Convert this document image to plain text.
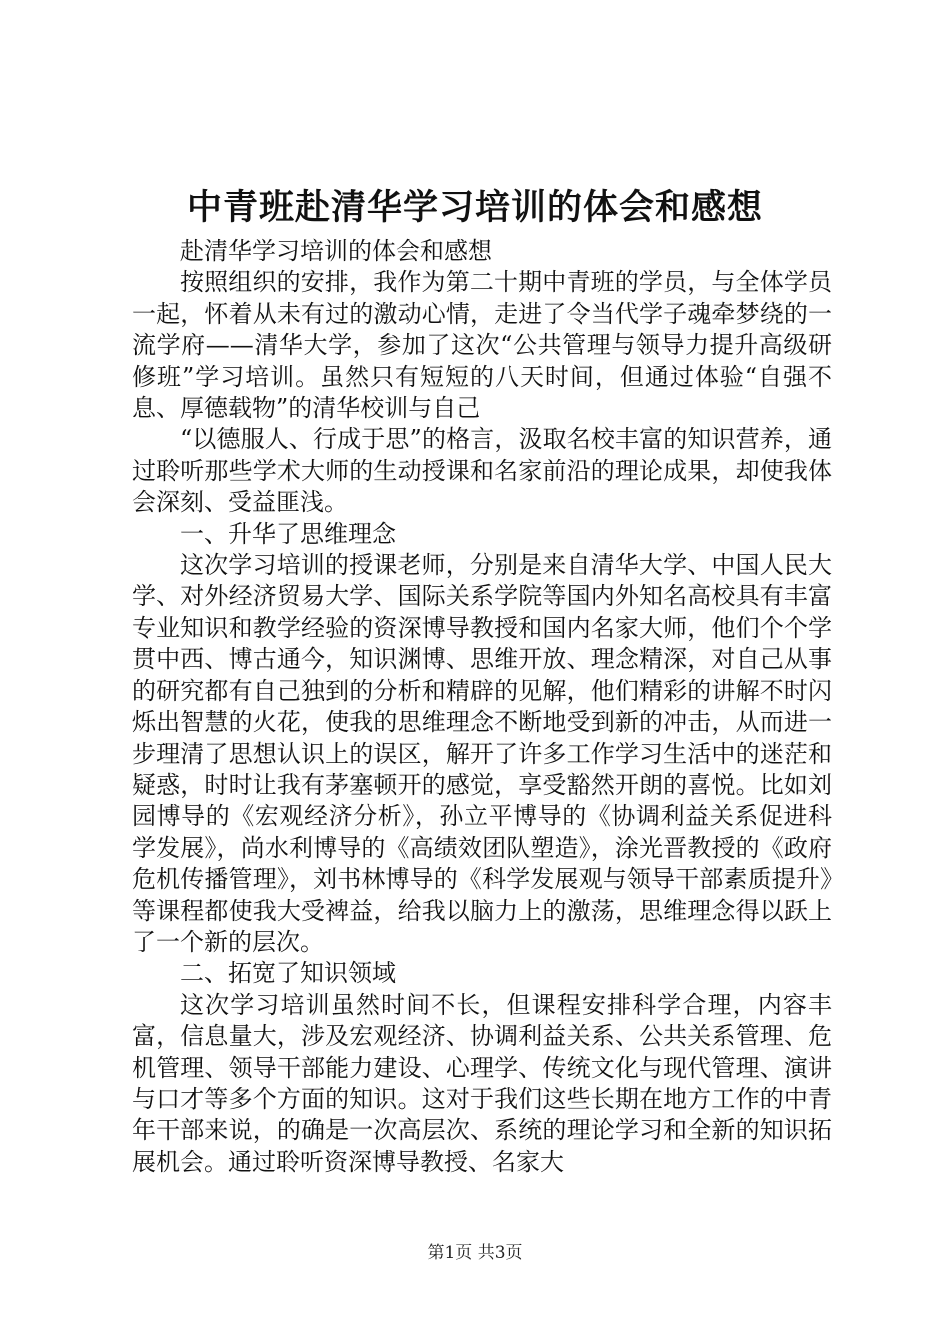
中青班赴清华学习培训的体会和感想

赴清华学习培训的体会和感想

按照组织的安排，我作为第二十期中青班的学员，与全体学员一起，怀着从未有过的激动心情，走进了令当代学子魂牵梦绕的一流学府——清华大学，参加了这次“公共管理与领导力提升高级研修班”学习培训。虽然只有短短的八天时间，但通过体验“自强不息、厚德载物”的清华校训与自己

“以德服人、行成于思”的格言，汲取名校丰富的知识营养，通过聆听那些学术大师的生动授课和名家前沿的理论成果，却使我体会深刻、受益匪浅。

一、升华了思维理念

这次学习培训的授课老师，分别是来自清华大学、中国人民大学、对外经济贸易大学、国际关系学院等国内外知名高校具有丰富专业知识和教学经验的资深博导教授和国内名家大师，他们个个学贯中西、博古通今，知识渊博、思维开放、理念精深，对自己从事的研究都有自己独到的分析和精辟的见解，他们精彩的讲解不时闪烁出智慧的火花，使我的思维理念不断地受到新的冲击，从而进一步理清了思想认识上的误区，解开了许多工作学习生活中的迷茫和疑惑，时时让我有茅塞顿开的感觉，享受豁然开朗的喜悦。比如刘园博导的《宏观经济分析》，孙立平博导的《协调利益关系促进科学发展》，尚水利博导的《高绩效团队塑造》，涂光晋教授的《政府危机传播管理》，刘书林博导的《科学发展观与领导干部素质提升》等课程都使我大受裨益，给我以脑力上的激荡，思维理念得以跃上了一个新的层次。

二、拓宽了知识领域

这次学习培训虽然时间不长，但课程安排科学合理，内容丰富，信息量大，涉及宏观经济、协调利益关系、公共关系管理、危机管理、领导干部能力建设、心理学、传统文化与现代管理、演讲与口才等多个方面的知识。这对于我们这些长期在地方工作的中青年干部来说，的确是一次高层次、系统的理论学习和全新的知识拓展机会。通过聆听资深博导教授、名家大

第1页 共3页
